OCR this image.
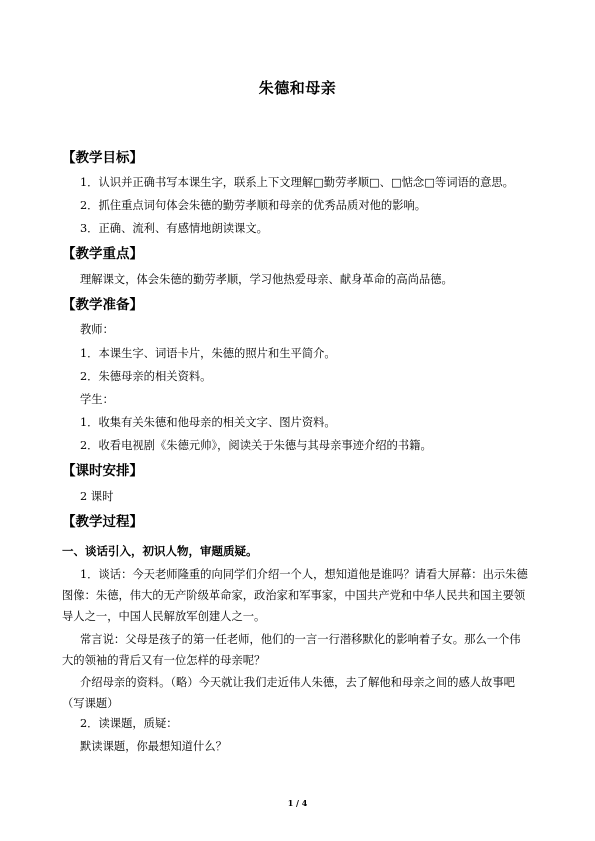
朱德和母亲
【教学目标】
1．认识并正确书写本课生字，联系上下文理解□勤劳孝顺□、□惦念□等词语的意思。
2．抓住重点词句体会朱德的勤劳孝顺和母亲的优秀品质对他的影响。
3．正确、流利、有感情地朗读课文。
【教学重点】
理解课文，体会朱德的勤劳孝顺，学习他热爱母亲、献身革命的高尚品德。
【教学准备】
教师：
1．本课生字、词语卡片，朱德的照片和生平简介。
2．朱德母亲的相关资料。
学生：
1．收集有关朱德和他母亲的相关文字、图片资料。
2．收看电视剧《朱德元帅》，阅读关于朱德与其母亲事迹介绍的书籍。
【课时安排】
2 课时
【教学过程】
一、谈话引入，初识人物，审题质疑。
1．谈话：今天老师隆重的向同学们介绍一个人，想知道他是谁吗？请看大屏幕：出示朱德图像：朱德，伟大的无产阶级革命家，政治家和军事家，中国共产党和中华人民共和国主要领导人之一，中国人民解放军创建人之一。
常言说：父母是孩子的第一任老师，他们的一言一行潜移默化的影响着子女。那么一个伟大的领袖的背后又有一位怎样的母亲呢？
介绍母亲的资料。（略）今天就让我们走近伟人朱德，去了解他和母亲之间的感人故事吧（写课题）
2．读课题，质疑：
默读课题，你最想知道什么？
1 / 4
